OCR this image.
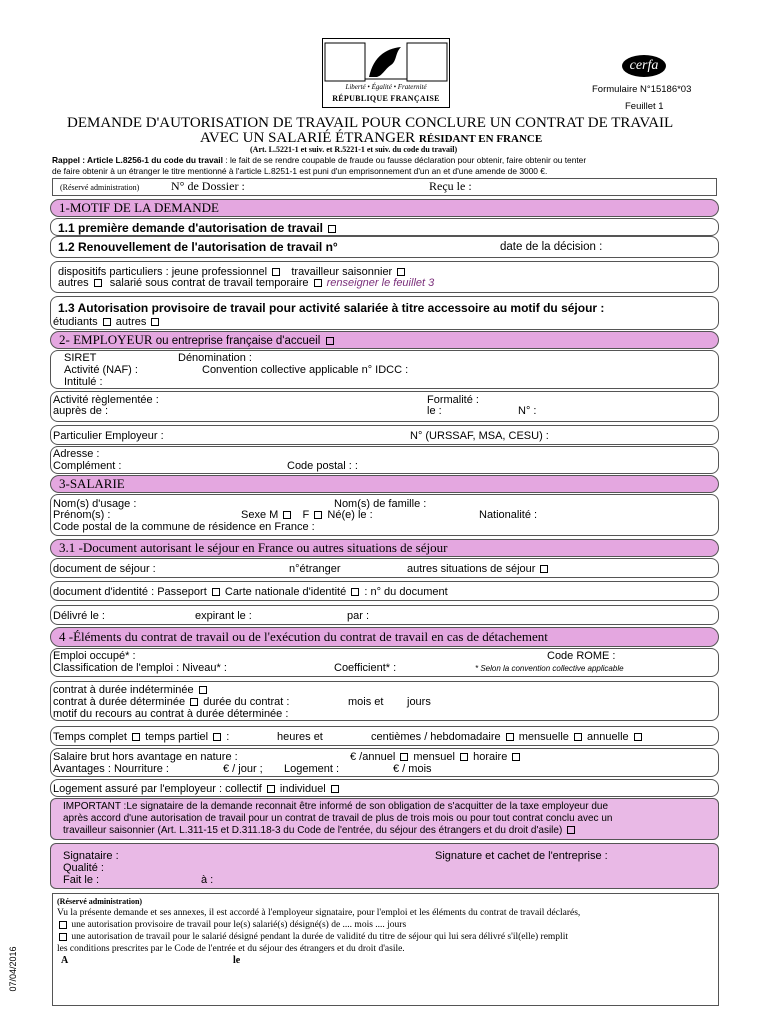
Liberté • Égalité • Fraternité
RÉPUBLIQUE FRANÇAISE
cerfa
Formulaire N°15186*03
Feuillet 1
DEMANDE D'AUTORISATION DE TRAVAIL POUR CONCLURE UN CONTRAT DE TRAVAIL
AVEC UN SALARIÉ ÉTRANGER RÉSIDANT EN FRANCE
(Art. L.5221-1 et suiv. et R.5221-1 et suiv. du code du travail)
Rappel : Article L.8256-1 du code du travail : le fait de se rendre coupable de fraude ou fausse déclaration pour obtenir, faire obtenir ou tenter
de faire obtenir à un étranger le titre mentionné à l'article L.8251-1 est puni d'un emprisonnement d'un an et d'une amende de 3000 €.
(Réservé administration)	N° de Dossier :	Reçu le :
1-MOTIF DE LA DEMANDE
1.1 première demande d'autorisation de travail
1.2 Renouvellement de l'autorisation de travail n°	date de la décision :
dispositifs particuliers : jeune professionnel travailleur saisonnier
autres salarié sous contrat de travail temporaire renseigner le feuillet 3
1.3 Autorisation provisoire de travail pour activité salariée à titre accessoire au motif du séjour :
étudiants autres
2- EMPLOYEUR ou entreprise française d'accueil
SIRET	Dénomination :
Activité (NAF) :	Convention collective applicable n° IDCC :
Intitulé :
Activité règlementée :
auprès de :
Formalité :
le :	N° :
Particulier Employeur :	N° (URSSAF, MSA, CESU) :
Adresse :
Complément :	Code postal : :
3-SALARIE
Nom(s) d'usage :	Nom(s) de famille :
Prénom(s) :	Sexe M F Né(e) le :	Nationalité :
Code postal de la commune de résidence en France :
3.1 -Document autorisant le séjour en France ou autres situations de séjour
document de séjour :	n°étranger	autres situations de séjour
document d'identité : Passeport Carte nationale d'identité : n° du document
Délivré le :	expirant le :	par :
4 -Éléments du contrat de travail ou de l'exécution du contrat de travail en cas de détachement
Emploi occupé* :	Code ROME :
Classification de l'emploi : Niveau* :	Coefficient* :	* Selon la convention collective applicable
contrat à durée indéterminée
contrat à durée déterminée durée du contrat :	mois et jours
motif du recours au contrat à durée déterminée :
Temps complet temps partiel  :	heures et	centièmes / hebdomadaire mensuelle annuelle
Salaire brut hors avantage en nature :	€ /annuel mensuel horaire
Avantages : Nourriture :	€ / jour ; Logement :	€ / mois
Logement assuré par l'employeur : collectif individuel
IMPORTANT :Le signataire de la demande reconnait être informé de son obligation de s'acquitter de la taxe employeur due
après accord d'une autorisation de travail pour un contrat de travail de plus de trois mois ou pour tout contrat conclu avec un
travailleur saisonnier (Art. L.311-15 et D.311.18-3 du Code de l'entrée, du séjour des étrangers et du droit d'asile)
Signataire :
Qualité :
Fait le :	à :
Signature et cachet de l'entreprise :
(Réservé administration)
Vu la présente demande et ses annexes, il est accordé à l'employeur signataire, pour l'emploi et les éléments du contrat de travail déclarés,
une autorisation provisoire de travail pour le(s) salarié(s) désigné(s) de .... mois .... jours
une autorisation de travail pour le salarié désigné pendant la durée de validité du titre de séjour qui lui sera délivré s'il(elle) remplit
les conditions prescrites par le Code de l'entrée et du séjour des étrangers et du droit d'asile.
A	le
07/04/2016
